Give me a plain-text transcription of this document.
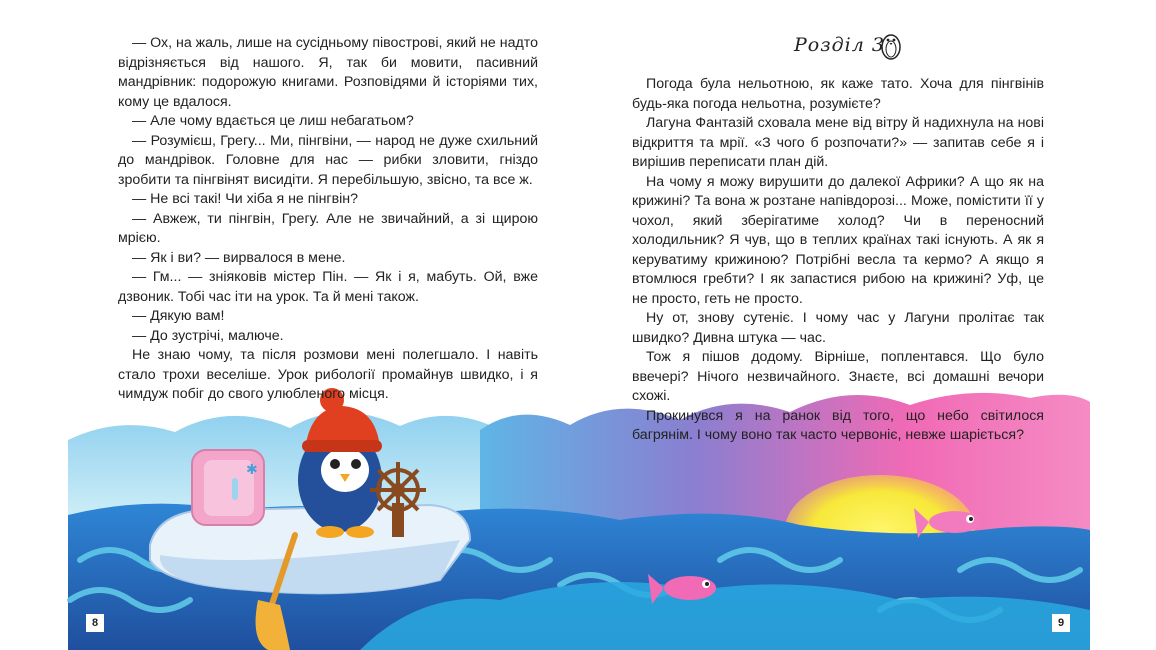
✱

— Ох, на жаль, лише на сусідньому півострові, який не надто відрізняється від нашого. Я, так би мовити, пасивний мандрівник: подорожую книгами. Розповідями й історіями тих, кому це вдалося.

— Але чому вдається це лиш небагатьом?

— Розумієш, Грегу... Ми, пінгвіни, — народ не дуже схильний до мандрівок. Головне для нас — рибки зловити, гніздо зробити та пінгвінят висидіти. Я перебільшую, звісно, та все ж.

— Не всі такі! Чи хіба я не пінгвін?

— Авжеж, ти пінгвін, Грегу. Але не звичайний, а зі щирою мрією.

— Як і ви? — вирвалося в мене.

— Гм... — зніяковів містер Пін. — Як і я, мабуть. Ой, вже дзвоник. Тобі час іти на урок. Та й мені також.

— Дякую вам!

— До зустрічі, малюче.

Не знаю чому, та після розмови мені полегшало. І навіть стало трохи веселіше. Урок рибології промайнув швидко, і я чимдуж побіг до свого улюбленого місця.

Розділ 3

Погода була нельотною, як каже тато. Хоча для пінгвінів будь-яка погода нельотна, розумієте?

Лагуна Фантазій сховала мене від вітру й надихнула на нові відкриття та мрії. «З чого б розпочати?» — запитав себе я і вирішив переписати план дій.

На чому я можу вирушити до далекої Африки? А що як на крижині? Та вона ж розтане напівдорозі... Може, помістити її у чохол, який зберігатиме холод? Чи в переносний холодильник? Я чув, що в теплих країнах такі існують. А як я керуватиму крижиною? Потрібні весла та кермо? А якщо я втомлюся гребти? І як запастися рибою на крижині? Уф, це не просто, геть не просто.

Ну от, знову сутеніє. І чому час у Лагуни пролітає так швидко? Дивна штука — час.

Тож я пішов додому. Вірніше, поплентався. Що було ввечері? Нічого незвичайного. Знаєте, всі домашні вечори схожі.

Прокинувся я на ранок від того, що небо світилося багрянім. І чому воно так часто червоніє, невже шаріється?

8	9
